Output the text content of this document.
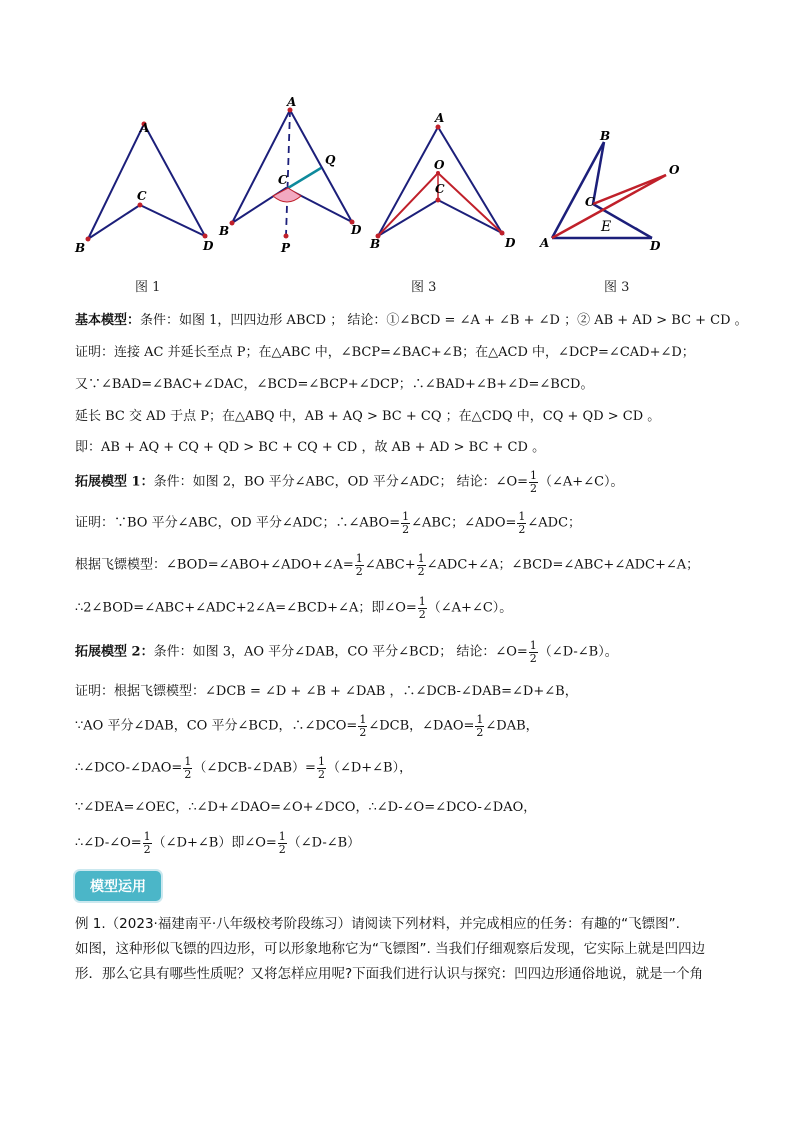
A
B
C
D
图 1
A
B
C
D
P
Q
A
B
C
D
O
图 3
B
A
C
D
O
E
图 3
基本模型：条件：如图 1，凹四边形 ABCD ； 结论：①∠BCD = ∠A + ∠B + ∠D ；② AB + AD > BC + CD 。
证明：连接 AC 并延长至点 P；在△ABC 中，∠BCP=∠BAC+∠B；在△ACD 中，∠DCP=∠CAD+∠D；
又∵∠BAD=∠BAC+∠DAC，∠BCD=∠BCP+∠DCP；∴∠BAD+∠B+∠D=∠BCD。
延长 BC 交 AD 于点 P；在△ABQ 中，AB + AQ > BC + CQ ；在△CDQ 中，CQ + QD > CD 。
即：AB + AQ + CQ + QD > BC + CQ + CD ，故 AB + AD > BC + CD 。
拓展模型 1：条件：如图 2，BO 平分∠ABC，OD 平分∠ADC； 结论：∠O= $\frac{1}{2}$ （∠A+∠C）。
证明：∵BO 平分∠ABC，OD 平分∠ADC；∴∠ABO= $\frac{1}{2}$ ∠ABC；∠ADO= $\frac{1}{2}$ ∠ADC；
根据飞镖模型：∠BOD=∠ABO+∠ADO+∠A= $\frac{1}{2}$ ∠ABC+ $\frac{1}{2}$ ∠ADC+∠A；∠BCD=∠ABC+∠ADC+∠A；
∴2∠BOD=∠ABC+∠ADC+2∠A=∠BCD+∠A；即∠O= $\frac{1}{2}$ （∠A+∠C）。
拓展模型 2：条件：如图 3，AO 平分∠DAB，CO 平分∠BCD； 结论：∠O= $\frac{1}{2}$ （∠D-∠B）。
证明：根据飞镖模型：∠DCB = ∠D + ∠B + ∠DAB ，∴∠DCB-∠DAB=∠D+∠B，
∵AO 平分∠DAB，CO 平分∠BCD，∴∠DCO= $\frac{1}{2}$ ∠DCB，∠DAO= $\frac{1}{2}$ ∠DAB，
∴∠DCO-∠DAO= $\frac{1}{2}$ （∠DCB-∠DAB）= $\frac{1}{2}$ （∠D+∠B），
∵∠DEA=∠OEC，∴∠D+∠DAO=∠O+∠DCO，∴∠D-∠O=∠DCO-∠DAO，
∴∠D-∠O= $\frac{1}{2}$ （∠D+∠B）即∠O= $\frac{1}{2}$ （∠D-∠B）
模型运用
例 1.（2023·福建南平·八年级校考阶段练习）请阅读下列材料，并完成相应的任务：有趣的“飞镖图”.
如图，这种形似飞镖的四边形，可以形象地称它为“飞镖图”. 当我们仔细观察后发现，它实际上就是凹四边
形．那么它具有哪些性质呢？又将怎样应用呢?下面我们进行认识与探究：凹四边形通俗地说，就是一个角
